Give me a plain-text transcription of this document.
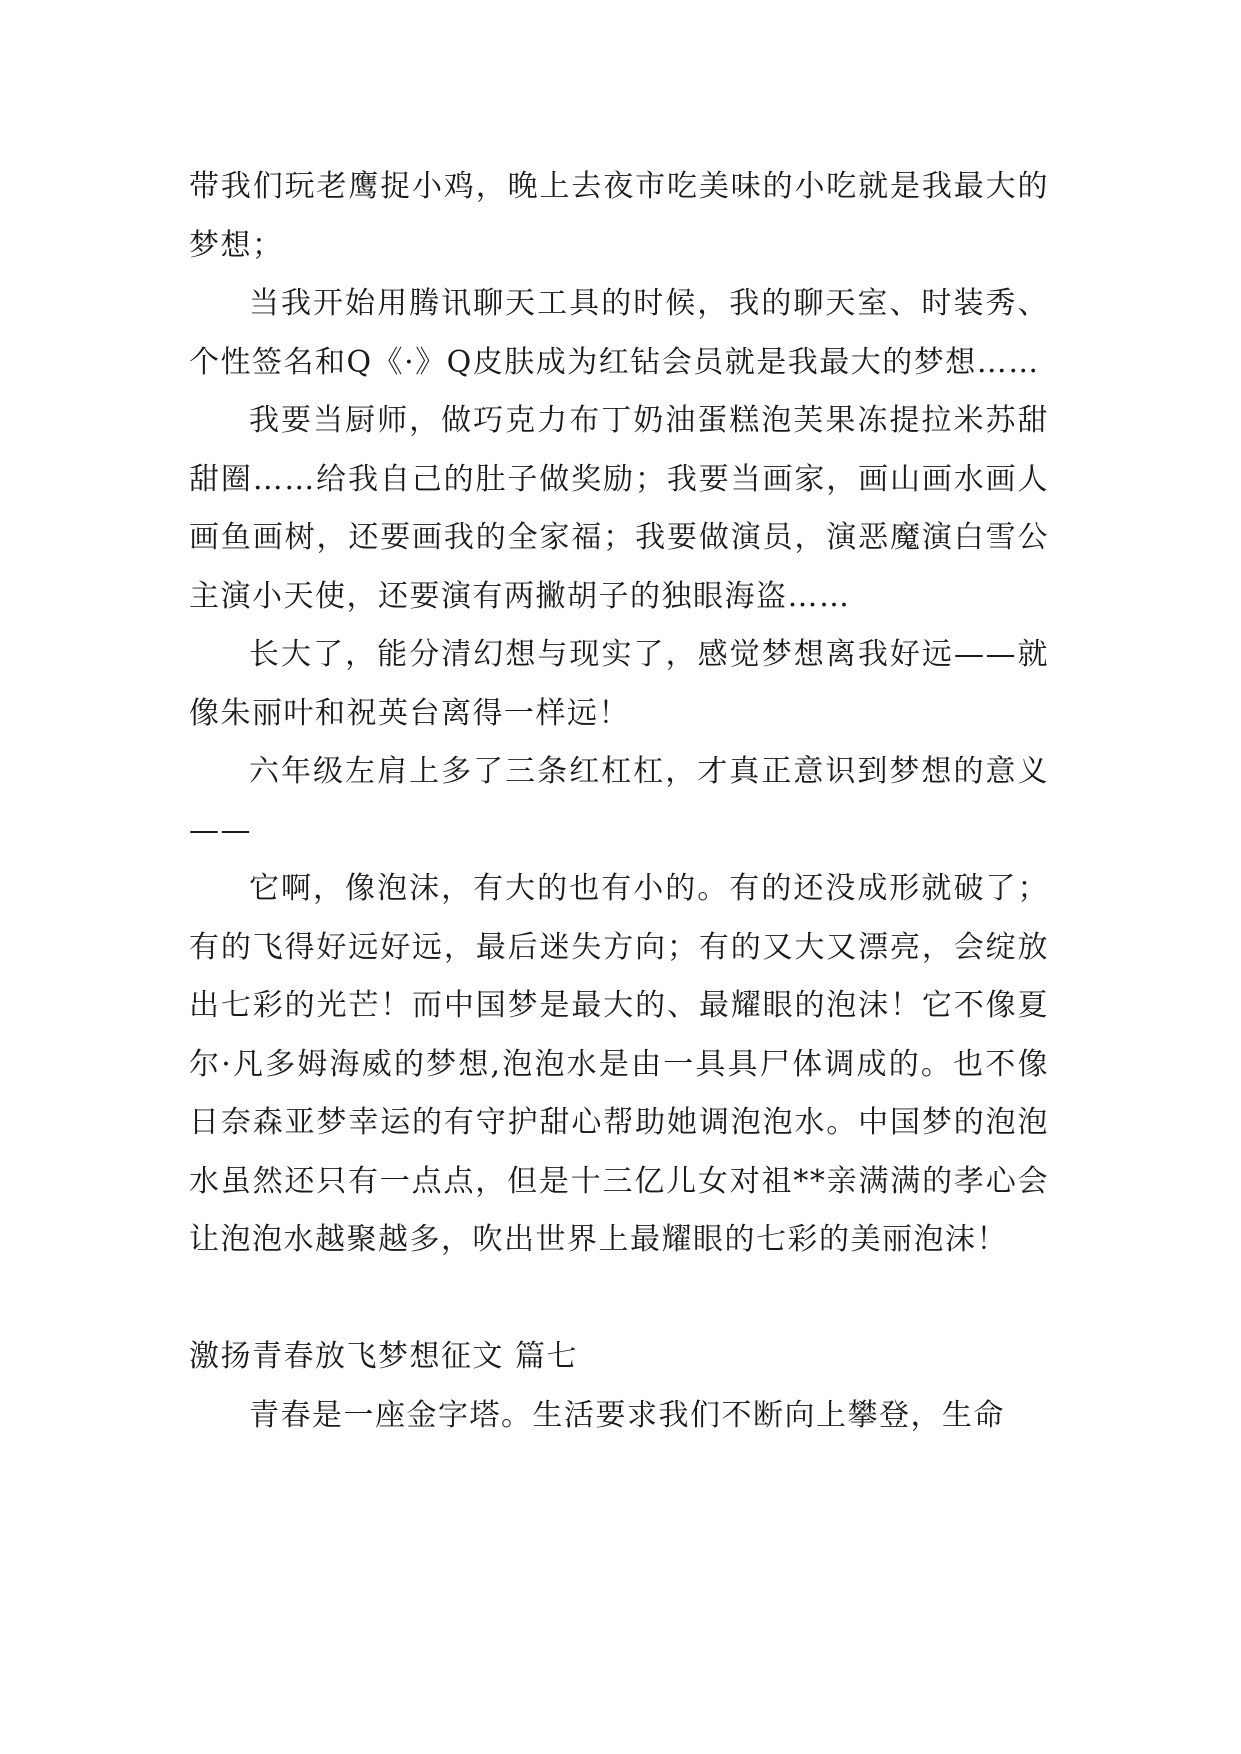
带我们玩老鹰捉小鸡，晚上去夜市吃美味的小吃就是我最大的梦想；

当我开始用腾讯聊天工具的时候，我的聊天室、时装秀、个性签名和Q《·》Q皮肤成为红钻会员就是我最大的梦想……

我要当厨师，做巧克力布丁奶油蛋糕泡芙果冻提拉米苏甜甜圈……给我自己的肚子做奖励；我要当画家，画山画水画人画鱼画树，还要画我的全家福；我要做演员，演恶魔演白雪公主演小天使，还要演有两撇胡子的独眼海盗……

长大了，能分清幻想与现实了，感觉梦想离我好远——就像朱丽叶和祝英台离得一样远！

六年级左肩上多了三条红杠杠，才真正意识到梦想的意义——

它啊，像泡沫，有大的也有小的。有的还没成形就破了；有的飞得好远好远，最后迷失方向；有的又大又漂亮，会绽放出七彩的光芒！而中国梦是最大的、最耀眼的泡沫！它不像夏尔·凡多姆海威的梦想,泡泡水是由一具具尸体调成的。也不像日奈森亚梦幸运的有守护甜心帮助她调泡泡水。中国梦的泡泡水虽然还只有一点点，但是十三亿儿女对祖**亲满满的孝心会让泡泡水越聚越多，吹出世界上最耀眼的七彩的美丽泡沫！

激扬青春放飞梦想征文 篇七

青春是一座金字塔。生活要求我们不断向上攀登，生命
